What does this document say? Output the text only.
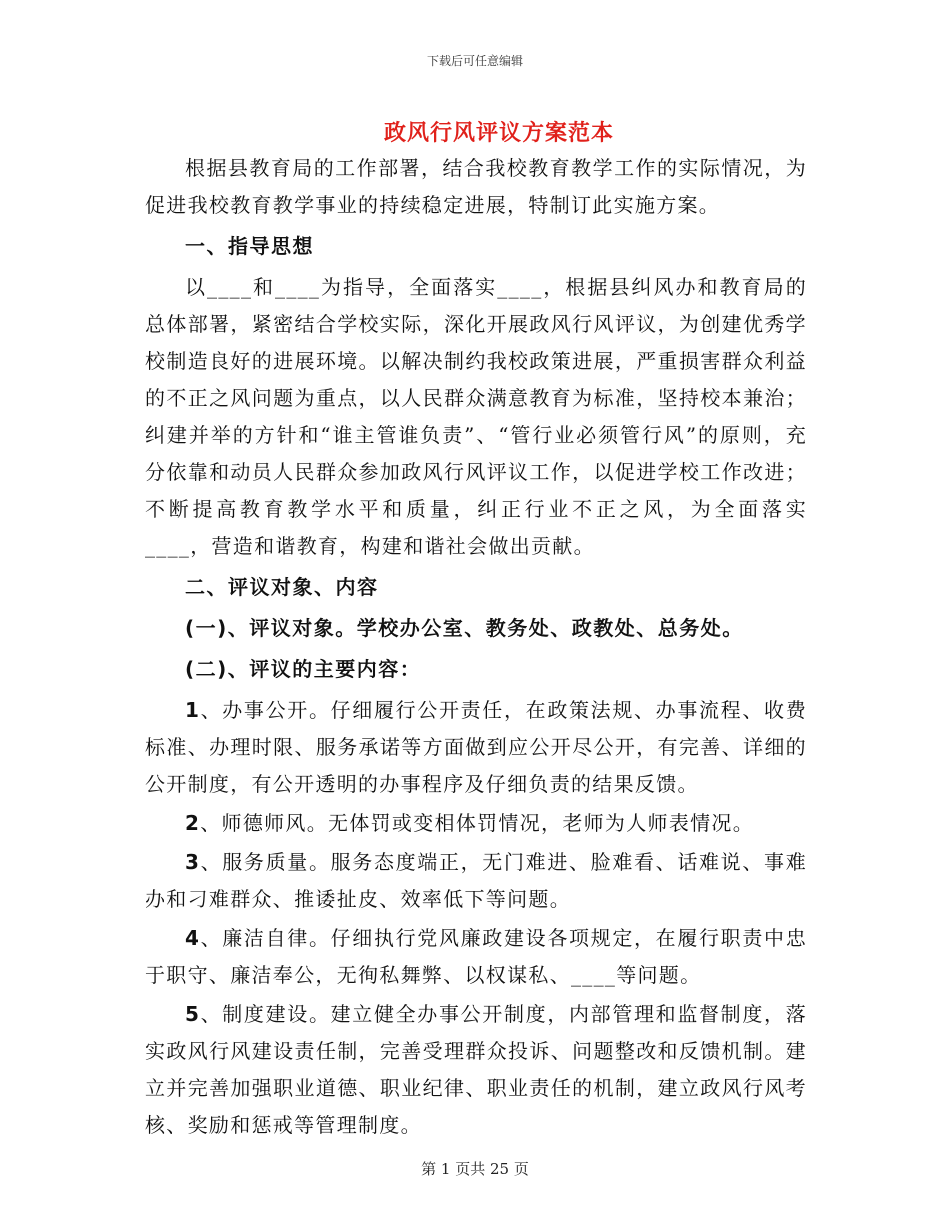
下载后可任意编辑
政风行风评议方案范本

根据县教育局的工作部署，结合我校教育教学工作的实际情况，为促进我校教育教学事业的持续稳定进展，特制订此实施方案。

一、指导思想

以____和____为指导，全面落实____，根据县纠风办和教育局的总体部署，紧密结合学校实际，深化开展政风行风评议，为创建优秀学校制造良好的进展环境。以解决制约我校政策进展，严重损害群众利益的不正之风问题为重点，以人民群众满意教育为标准，坚持校本兼治；纠建并举的方针和“谁主管谁负责”、“管行业必须管行风”的原则，充分依靠和动员人民群众参加政风行风评议工作，以促进学校工作改进；不断提高教育教学水平和质量，纠正行业不正之风，为全面落实____，营造和谐教育，构建和谐社会做出贡献。

二、评议对象、内容

(一)、评议对象。学校办公室、教务处、政教处、总务处。

(二)、评议的主要内容：

1、办事公开。仔细履行公开责任，在政策法规、办事流程、收费标准、办理时限、服务承诺等方面做到应公开尽公开，有完善、详细的公开制度，有公开透明的办事程序及仔细负责的结果反馈。

2、师德师风。无体罚或变相体罚情况，老师为人师表情况。

3、服务质量。服务态度端正，无门难进、脸难看、话难说、事难办和刁难群众、推诿扯皮、效率低下等问题。

4、廉洁自律。仔细执行党风廉政建设各项规定，在履行职责中忠于职守、廉洁奉公，无徇私舞弊、以权谋私、____等问题。

5、制度建设。建立健全办事公开制度，内部管理和监督制度，落实政风行风建设责任制，完善受理群众投诉、问题整改和反馈机制。建立并完善加强职业道德、职业纪律、职业责任的机制，建立政风行风考核、奖励和惩戒等管理制度。

第 1 页共 25 页
